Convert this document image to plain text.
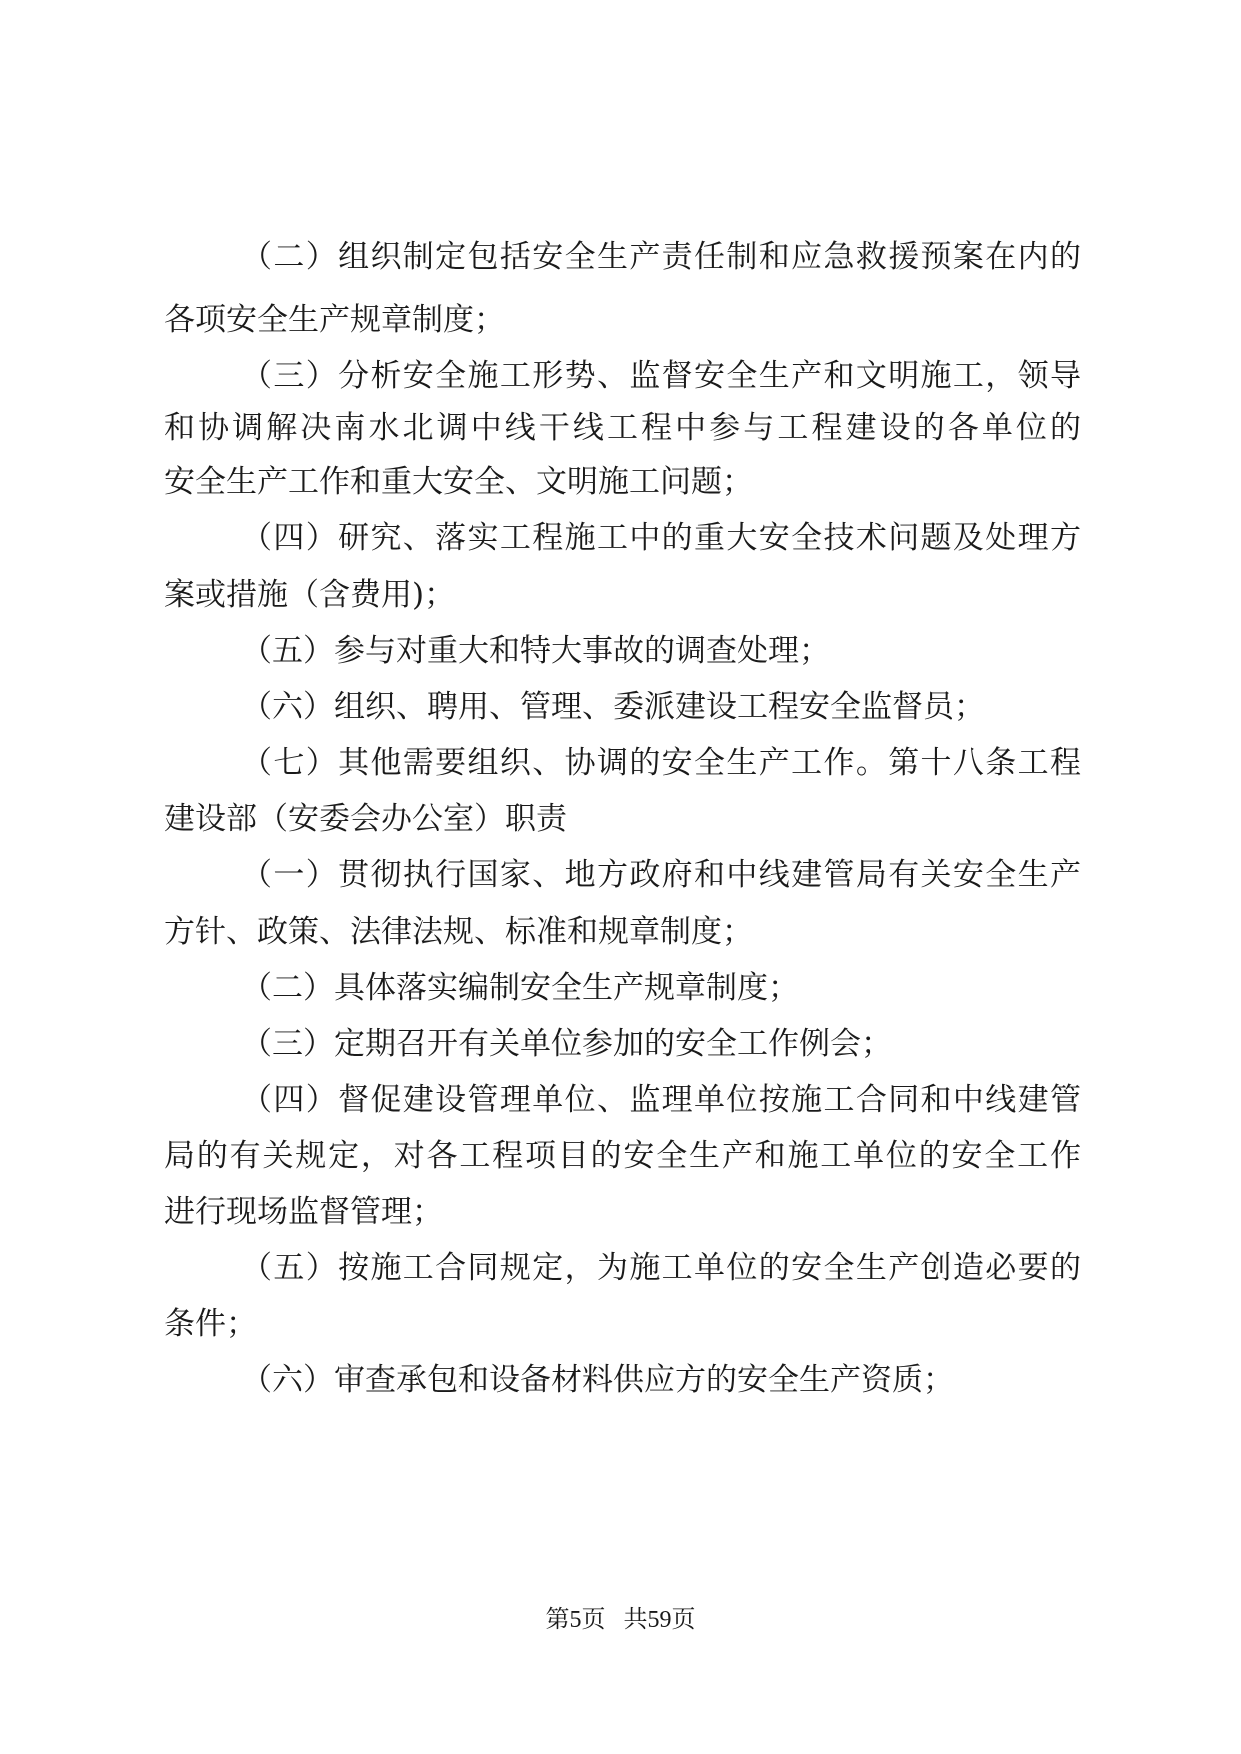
（二）组织制定包括安全生产责任制和应急救援预案在内的
各项安全生产规章制度；
（三）分析安全施工形势、监督安全生产和文明施工，领导
和协调解决南水北调中线干线工程中参与工程建设的各单位的
安全生产工作和重大安全、文明施工问题；
（四）研究、落实工程施工中的重大安全技术问题及处理方
案或措施（含费用)；
（五）参与对重大和特大事故的调查处理；
（六）组织、聘用、管理、委派建设工程安全监督员；
（七）其他需要组织、协调的安全生产工作。第十八条工程
建设部（安委会办公室）职责
（一）贯彻执行国家、地方政府和中线建管局有关安全生产
方针、政策、法律法规、标准和规章制度；
（二）具体落实编制安全生产规章制度；
（三）定期召开有关单位参加的安全工作例会；
（四）督促建设管理单位、监理单位按施工合同和中线建管
局的有关规定，对各工程项目的安全生产和施工单位的安全工作
进行现场监督管理；
（五）按施工合同规定，为施工单位的安全生产创造必要的
条件；
（六）审查承包和设备材料供应方的安全生产资质；
第5页 共59页
